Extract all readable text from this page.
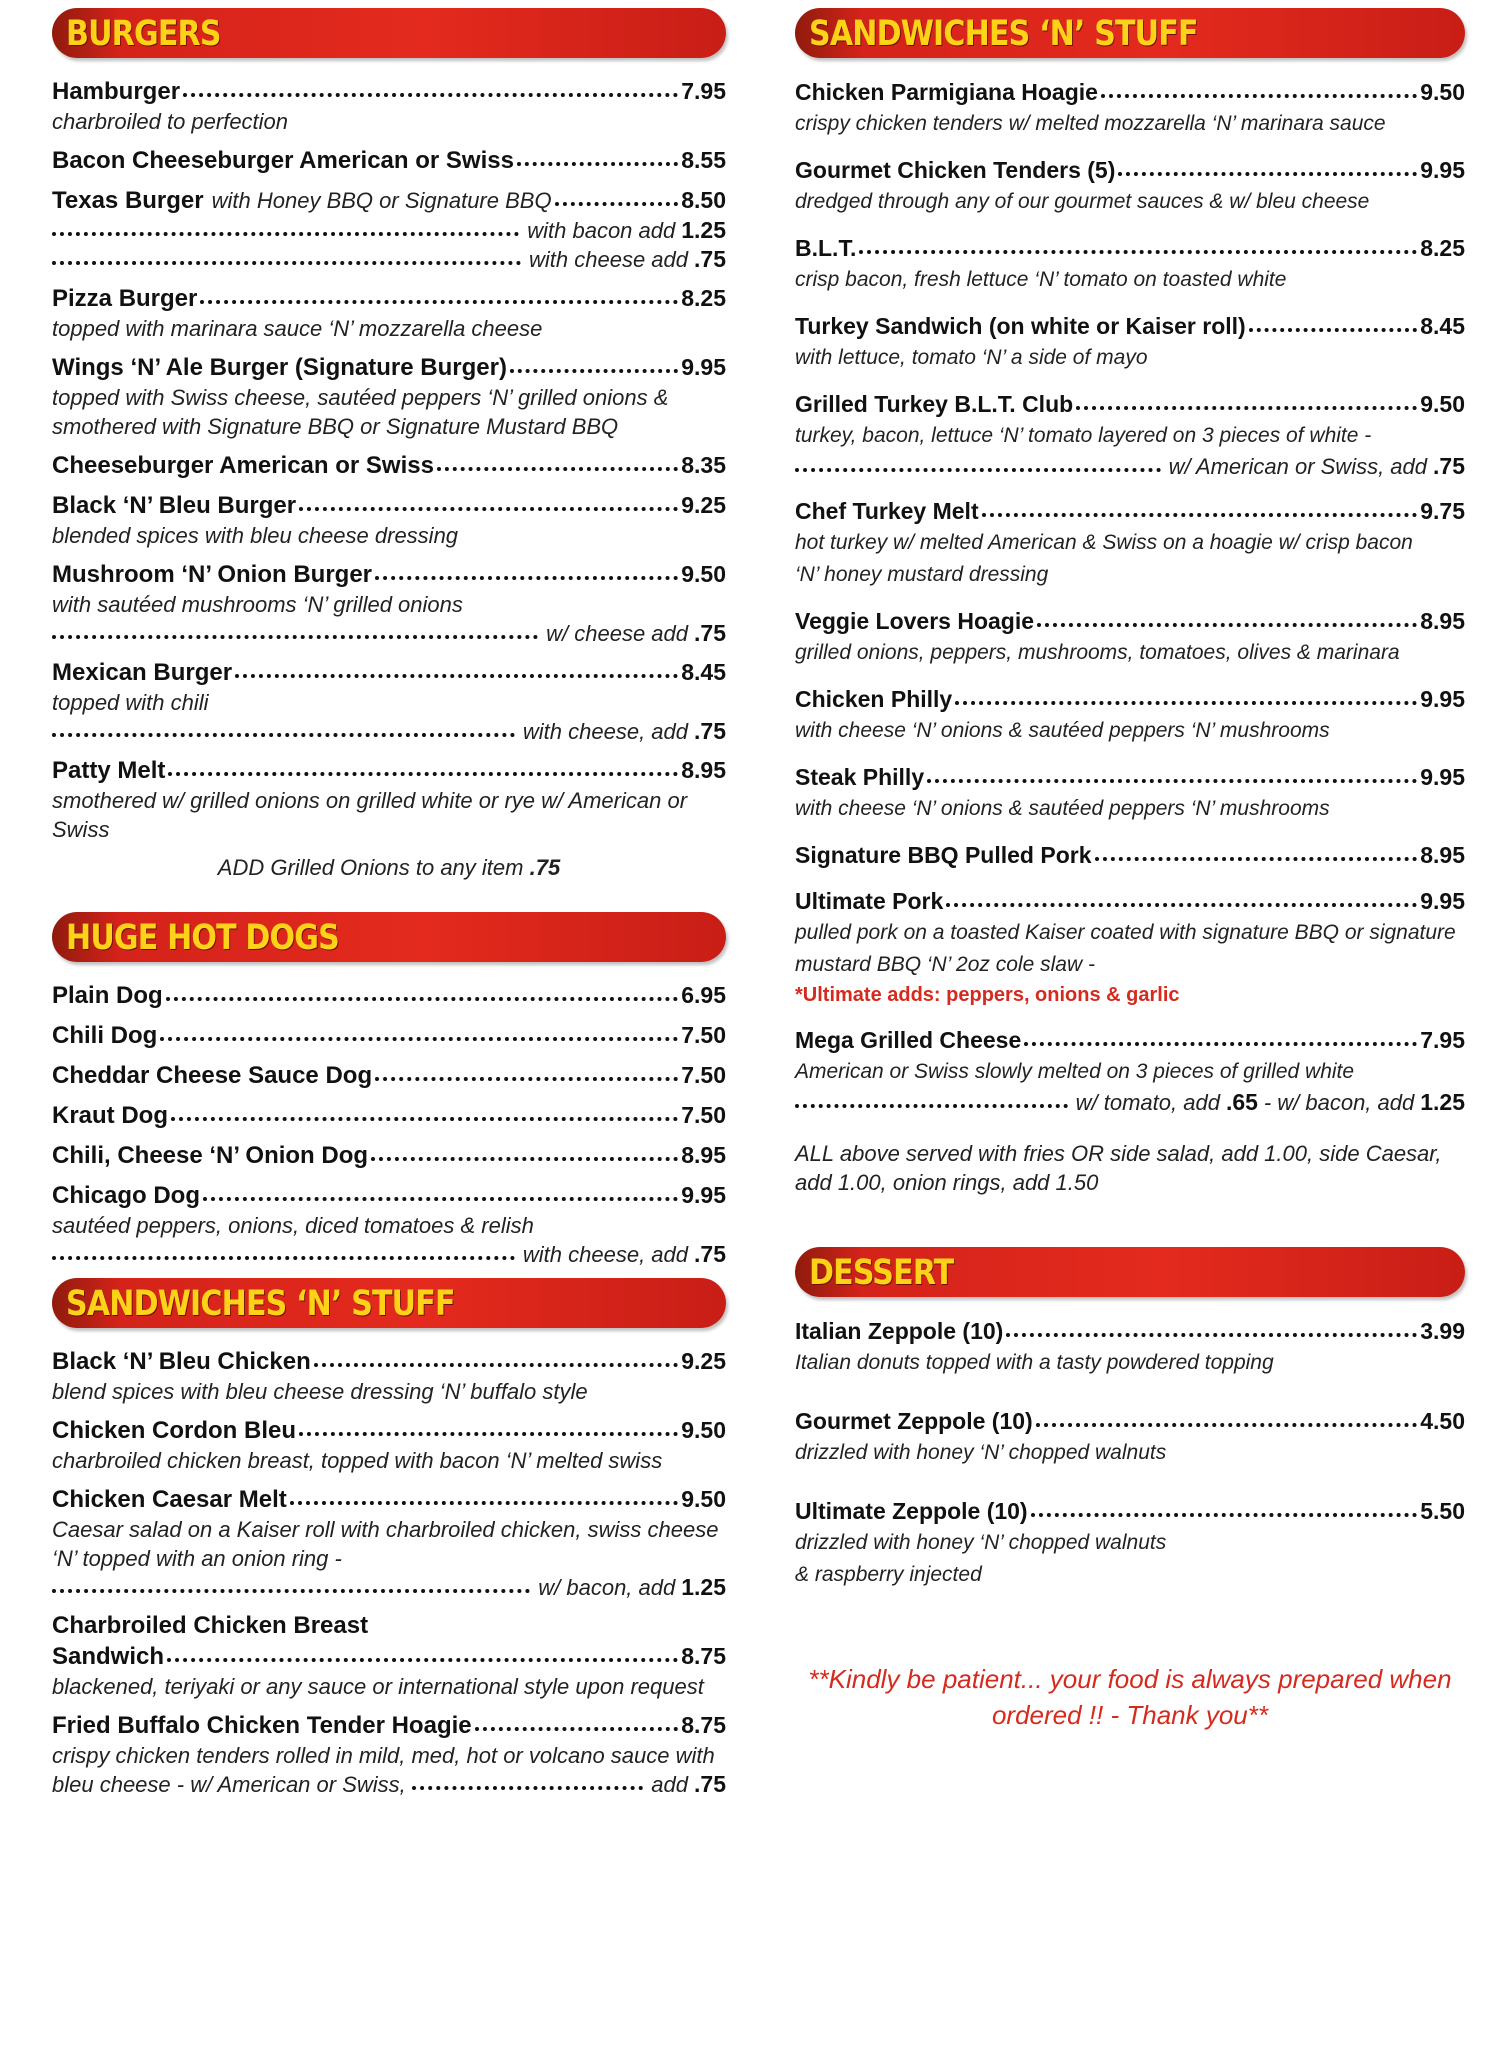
BURGERS
Hamburger	7.95
charbroiled to perfection
Bacon Cheeseburger American or Swiss	8.55
Texas Burger with Honey BBQ or Signature BBQ	8.50
with bacon add 1.25
with cheese add .75
Pizza Burger	8.25
topped with marinara sauce ‘N’ mozzarella cheese
Wings ‘N’ Ale Burger (Signature Burger)	9.95
topped with Swiss cheese, sautéed peppers ‘N’ grilled onions &
smothered with Signature BBQ or Signature Mustard BBQ
Cheeseburger American or Swiss	8.35
Black ‘N’ Bleu Burger	9.25
blended spices with bleu cheese dressing
Mushroom ‘N’ Onion Burger	9.50
with sautéed mushrooms ‘N’ grilled onions
w/ cheese add .75
Mexican Burger	8.45
topped with chili
with cheese, add .75
Patty Melt	8.95
smothered w/ grilled onions on grilled white or rye w/ American or Swiss
ADD Grilled Onions to any item .75
HUGE HOT DOGS
Plain Dog	6.95
Chili Dog	7.50
Cheddar Cheese Sauce Dog	7.50
Kraut Dog	7.50
Chili, Cheese ‘N’ Onion Dog	8.95
Chicago Dog	9.95
sautéed peppers, onions, diced tomatoes & relish
with cheese, add .75
SANDWICHES ‘N’ STUFF
Black ‘N’ Bleu Chicken	9.25
blend spices with bleu cheese dressing ‘N’ buffalo style
Chicken Cordon Bleu	9.50
charbroiled chicken breast, topped with bacon ‘N’ melted swiss
Chicken Caesar Melt	9.50
Caesar salad on a Kaiser roll with charbroiled chicken, swiss cheese
‘N’ topped with an onion ring -
w/ bacon, add 1.25
Charbroiled Chicken Breast
Sandwich	8.75
blackened, teriyaki or any sauce or international style upon request
Fried Buffalo Chicken Tender Hoagie	8.75
crispy chicken tenders rolled in mild, med, hot or volcano sauce with
bleu cheese - w/ American or Swiss,	add .75
SANDWICHES ‘N’ STUFF
Chicken Parmigiana Hoagie	9.50
crispy chicken tenders w/ melted mozzarella ‘N’ marinara sauce
Gourmet Chicken Tenders (5)	9.95
dredged through any of our gourmet sauces & w/ bleu cheese
B.L.T.	8.25
crisp bacon, fresh lettuce ‘N’ tomato on toasted white
Turkey Sandwich (on white or Kaiser roll)	8.45
with lettuce, tomato ‘N’ a side of mayo
Grilled Turkey B.L.T. Club	9.50
turkey, bacon, lettuce ‘N’ tomato layered on 3 pieces of white -
w/ American or Swiss, add .75
Chef Turkey Melt	9.75
hot turkey w/ melted American & Swiss on a hoagie w/ crisp bacon
‘N’ honey mustard dressing
Veggie Lovers Hoagie	8.95
grilled onions, peppers, mushrooms, tomatoes, olives & marinara
Chicken Philly	9.95
with cheese ‘N’ onions & sautéed peppers ‘N’ mushrooms
Steak Philly	9.95
with cheese ‘N’ onions & sautéed peppers ‘N’ mushrooms
Signature BBQ Pulled Pork	8.95
Ultimate Pork	9.95
pulled pork on a toasted Kaiser coated with signature BBQ or signature
mustard BBQ ‘N’ 2oz cole slaw -
*Ultimate adds: peppers, onions & garlic
Mega Grilled Cheese	7.95
American or Swiss slowly melted on 3 pieces of grilled white
w/ tomato, add .65 - w/ bacon, add 1.25
ALL above served with fries OR side salad, add 1.00, side Caesar, add 1.00, onion rings, add 1.50
DESSERT
Italian Zeppole (10)	3.99
Italian donuts topped with a tasty powdered topping
Gourmet Zeppole (10)	4.50
drizzled with honey ‘N’ chopped walnuts
Ultimate Zeppole (10)	5.50
drizzled with honey ‘N’ chopped walnuts
& raspberry injected
**Kindly be patient... your food is always prepared when
ordered !! - Thank you**
